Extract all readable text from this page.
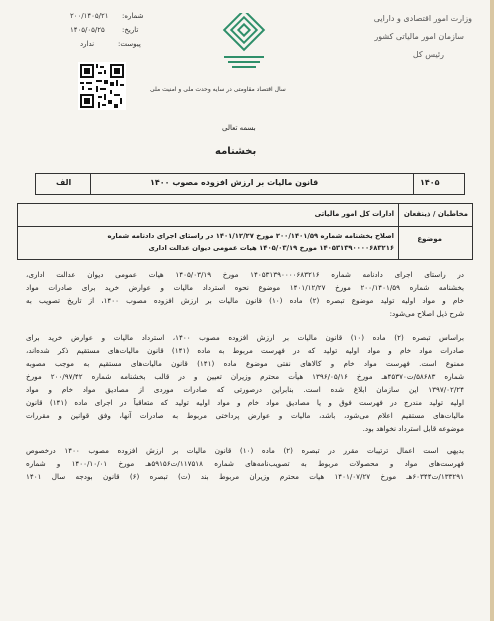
وزارت امور اقتصادی و دارایی
سازمان امور مالیاتی کشور
رئیس کل
سال اقتصاد مقاومتی در سایه وحدت ملی و امنیت ملی
شماره:
۲۰۰/۱۴۰۵/۲۱
تاریخ:
۱۴۰۵/۰۵/۲۵
پیوست:
ندارد
بسمه تعالی
بخشنامه
الف	قانون مالیات بر ارزش افزوده مصوب ۱۴۰۰	۱۴۰۵
مخاطبان / ذینفعان
ادارات کل امور مالیاتی
موضوع
اصلاح بخشنامه شماره ۲۰۰/۱۴۰۱/۵۹ مورخ ۱۴۰۱/۱۲/۲۷ در راستای اجرای دادنامه شماره
۱۴۰۵۳۱۳۹۰۰۰۰۶۸۳۲۱۶ مورخ ۱۴۰۵/۰۳/۱۹ هیات عمومی دیوان عدالت اداری
در راستای اجرای دادنامه شماره ۱۴۰۵۳۱۳۹۰۰۰۰۶۸۳۲۱۶ مورخ ۱۴۰۵/۰۳/۱۹ هیات عمومی دیوان عدالت اداری،
بخشنامه شماره ۲۰۰/۱۴۰۱/۵۹ مورخ ۱۴۰۱/۱۲/۲۷ موضوع نحوه استرداد مالیات و عوارض خرید برای صادرات مواد
خام و مواد اولیه تولید موضوع تبصره (۲) ماده (۱۰) قانون مالیات بر ارزش افزوده مصوب ۱۴۰۰، از تاریخ تصویب به
شرح ذیل اصلاح می‌شود:
براساس تبصره (۲) ماده (۱۰) قانون مالیات بر ارزش افزوده مصوب ۱۴۰۰، استرداد مالیات و عوارض خرید برای
صادرات مواد خام و مواد اولیه تولید که در فهرست مربوط به ماده (۱۴۱) قانون مالیات‌های مستقیم ذکر شده‌اند،
ممنوع است. فهرست مواد خام و کالاهای نفتی موضوع ماده (۱۴۱) قانون مالیات‌های مستقیم به موجب مصوبه
شماره ۵۸۶۸۳/ت۴۵۳۷۰هـ مورخ ۱۳۹۶/۰۵/۱۶ هیأت محترم وزیران تعیین و در قالب بخشنامه شماره ۲۰۰/۹۷/۴۲ مورخ
۱۳۹۷/۰۲/۲۴ این سازمان ابلاغ شده است. بنابراین درصورتی که صادرات موردی از مصادیق مواد خام و مواد
اولیه تولید مندرج در فهرست فوق و یا مصادیق مواد خام و مواد اولیه تولید که متعاقباً در اجرای ماده (۱۴۱) قانون
مالیات‌های مستقیم اعلام می‌شود، باشد، مالیات و عوارض پرداختی مربوط به صادرات آنها، وفق قوانین و مقررات
موضوعه قابل استرداد نخواهد بود.
بدیهی است اعمال ترتیبات مقرر در تبصره (۲) ماده (۱۰) قانون مالیات بر ارزش افزوده مصوب ۱۴۰۰ درخصوص
فهرست‌های مواد و محصولات مربوط به تصویب‌نامه‌های شماره ۱۱۷۵۱۸/ت۵۹۱۵۶هـ مورخ ۱۴۰۰/۱۰/۰۱ و شماره
۱۳۳۲۹۱/ت۶۰۳۴۴هـ مورخ ۱۴۰۱/۰۷/۲۷ هیات محترم وزیران مربوط بند (ت) تبصره (۶) قانون بودجه سال ۱۴۰۱
